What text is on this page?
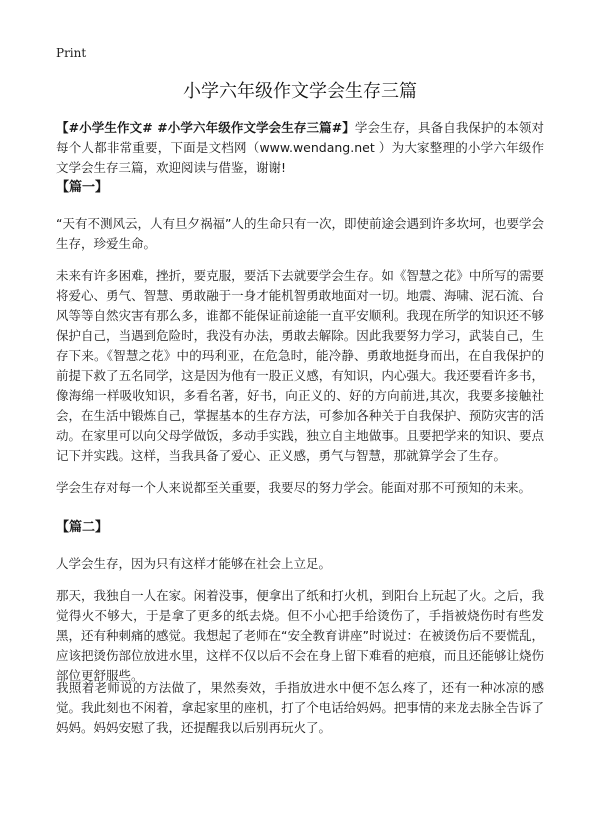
Print
小学六年级作文学会生存三篇
【#小学生作文# #小学六年级作文学会生存三篇#】学会生存，具备自我保护的本领对每个人都非常重要，下面是文档网（www.wendang.net ）为大家整理的小学六年级作文学会生存三篇，欢迎阅读与借鉴，谢谢!
【篇一】
“天有不测风云，人有旦夕祸福”人的生命只有一次，即使前途会遇到许多坎坷，也要学会生存，珍爱生命。
未来有许多困难，挫折，要克服，要活下去就要学会生存。如《智慧之花》中所写的需要将爱心、勇气、智慧、勇敢融于一身才能机智勇敢地面对一切。地震、海啸、泥石流、台风等等自然灾害有那么多，谁都不能保证前途能一直平安顺利。我现在所学的知识还不够保护自己，当遇到危险时，我没有办法，勇敢去解除。因此我要努力学习，武装自己，生存下来。《智慧之花》中的玛利亚，在危急时，能冷静、勇敢地挺身而出，在自我保护的前提下救了五名同学，这是因为他有一股正义感，有知识，内心强大。我还要看许多书，像海绵一样吸收知识，多看名著，好书，向正义的、好的方向前进,其次，我要多接触社会，在生活中锻炼自己，掌握基本的生存方法，可参加各种关于自我保护、预防灾害的活动。在家里可以向父母学做饭，多动手实践，独立自主地做事。且要把学来的知识、要点记下并实践。这样，当我具备了爱心、正义感，勇气与智慧，那就算学会了生存。
学会生存对每一个人来说都至关重要，我要尽的努力学会。能面对那不可预知的未来。
【篇二】
人学会生存，因为只有这样才能够在社会上立足。
那天，我独自一人在家。闲着没事，便拿出了纸和打火机，到阳台上玩起了火。之后，我觉得火不够大，于是拿了更多的纸去烧。但不小心把手给烫伤了，手指被烧伤时有些发黑，还有种刺痛的感觉。我想起了老师在“安全教育讲座”时说过：在被烫伤后不要慌乱，应该把烫伤部位放进水里，这样不仅以后不会在身上留下难看的疤痕，而且还能够让烧伤部位更舒服些。
我照着老师说的方法做了，果然奏效，手指放进水中便不怎么疼了，还有一种冰凉的感觉。我此刻也不闲着，拿起家里的座机，打了个电话给妈妈。把事情的来龙去脉全告诉了妈妈。妈妈安慰了我，还提醒我以后别再玩火了。
